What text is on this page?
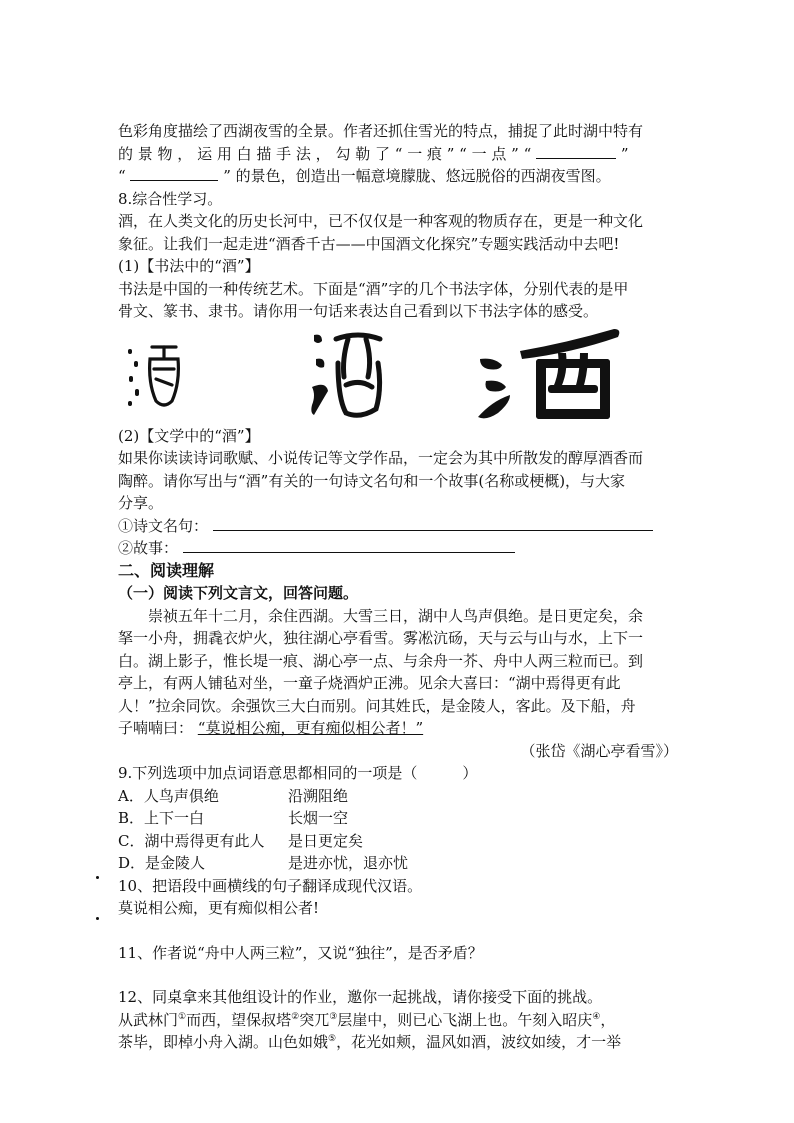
色彩角度描绘了西湖夜雪的全景。作者还抓住雪光的特点，捕捉了此时湖中特有

的 景 物 ， 运 用 白 描 手 法 ， 勾 勒 了 “ 一 痕 ” “ 一 点 ” “	”

“	” 的景色，创造出一幅意境朦胧、悠远脱俗的西湖夜雪图。

8.综合性学习。

酒，在人类文化的历史长河中，已不仅仅是一种客观的物质存在，更是一种文化

象征。让我们一起走进“酒香千古——中国酒文化探究”专题实践活动中去吧!

(1)【书法中的“酒”】

书法是中国的一种传统艺术。下面是“酒”字的几个书法字体，分别代表的是甲

骨文、篆书、隶书。请你用一句话来表达自己看到以下书法字体的感受。

(2)【文学中的“酒”】

如果你读读诗词歌赋、小说传记等文学作品，一定会为其中所散发的醇厚酒香而

陶醉。请你写出与“酒”有关的一句诗文名句和一个故事(名称或梗概)，与大家

分享。

①诗文名句：

②故事：

二、阅读理解

（一）阅读下列文言文，回答问题。

崇祯五年十二月，余住西湖。大雪三日，湖中人鸟声俱绝。是日更定矣，余

拏一小舟，拥毳衣炉火，独往湖心亭看雪。雾凇沆砀，天与云与山与水，上下一

白。湖上影子，惟长堤一痕、湖心亭一点、与余舟一芥、舟中人两三粒而已。到

亭上，有两人铺毡对坐，一童子烧酒炉正沸。见余大喜曰：“湖中焉得更有此

人！”拉余同饮。余强饮三大白而别。问其姓氏，是金陵人，客此。及下船，舟

子喃喃曰： “莫说相公痴，更有痴似相公者！”

（张岱《湖心亭看雪》）

9.下列选项中加点词语意思都相同的一项是（　　　）

A．人鸟声俱绝	沿溯阻绝
B．上下一白	长烟一空
C．湖中焉得更有此人	是日更定矣
D．是金陵人	是进亦忧，退亦忧

10、把语段中画横线的句子翻译成现代汉语。

莫说相公痴，更有痴似相公者!

11、作者说“舟中人两三粒”，又说“独往”，是否矛盾？

12、同桌拿来其他组设计的作业，邀你一起挑战，请你接受下面的挑战。

从武林门①而西，望保叔塔②突兀③层崖中，则已心飞湖上也。午刻入昭庆④，

茶毕，即棹小舟入湖。山色如娥⑤，花光如颊，温风如酒，波纹如绫，才一举
